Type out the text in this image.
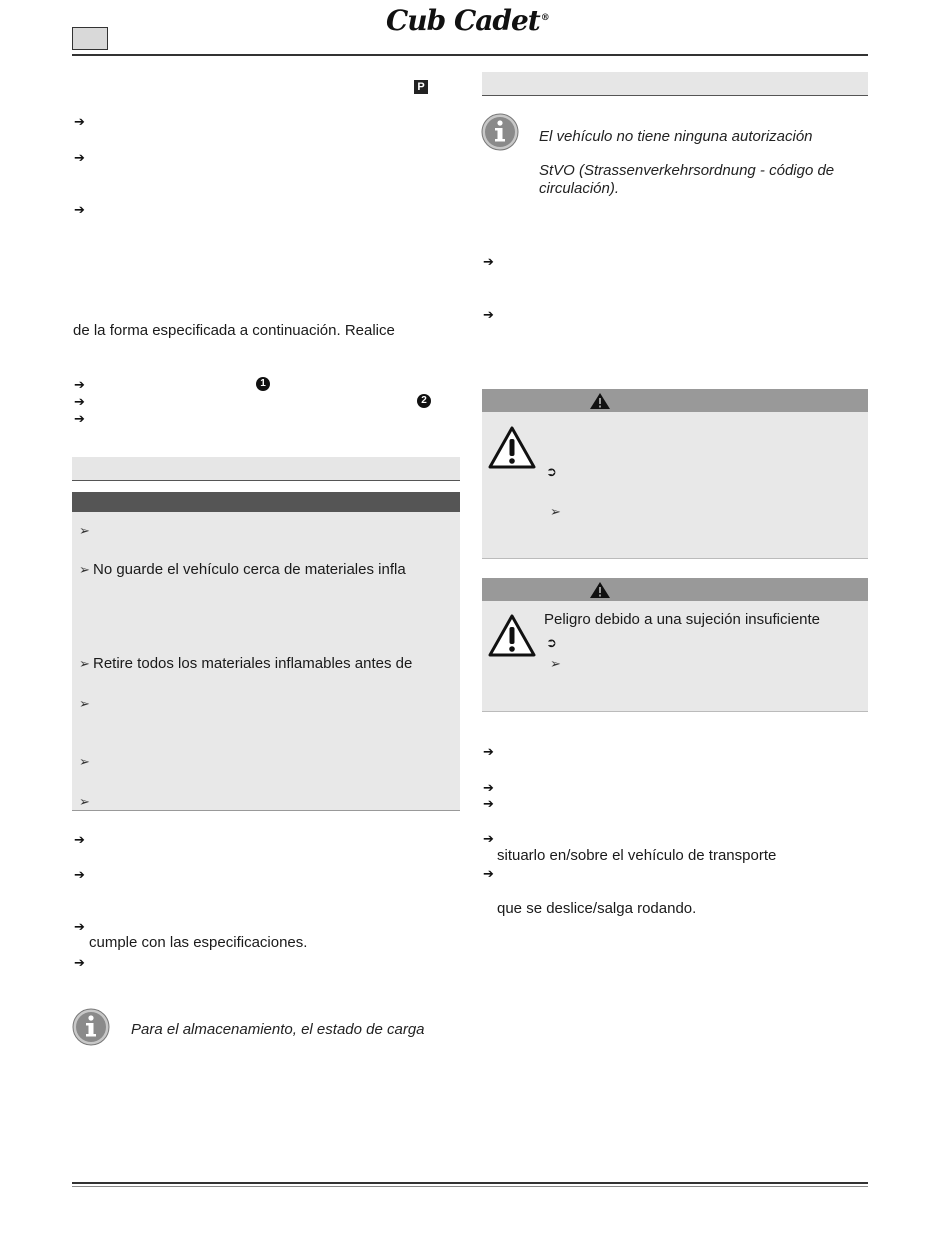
Cub Cadet®
P
➔
➔
➔
de la forma especificada a continuación. Realice
➔	1
➔	2
➔
➢
➢ No guarde el vehículo cerca de materiales infla
➢ Retire todos los materiales inflamables antes de
➢
➢
➢
➔
➔
➔
cumple con las especificaciones.
➔
Para el almacenamiento, el estado de carga
El vehículo no tiene ninguna autorización
StVO (Strassenverkehrsordnung - código de
circulación).
➔
➔
➲
➢
Peligro debido a una sujeción insuficiente
➲
➢
➔
➔
➔
➔
situarlo en/sobre el vehículo de transporte
➔
que se deslice/salga rodando.
